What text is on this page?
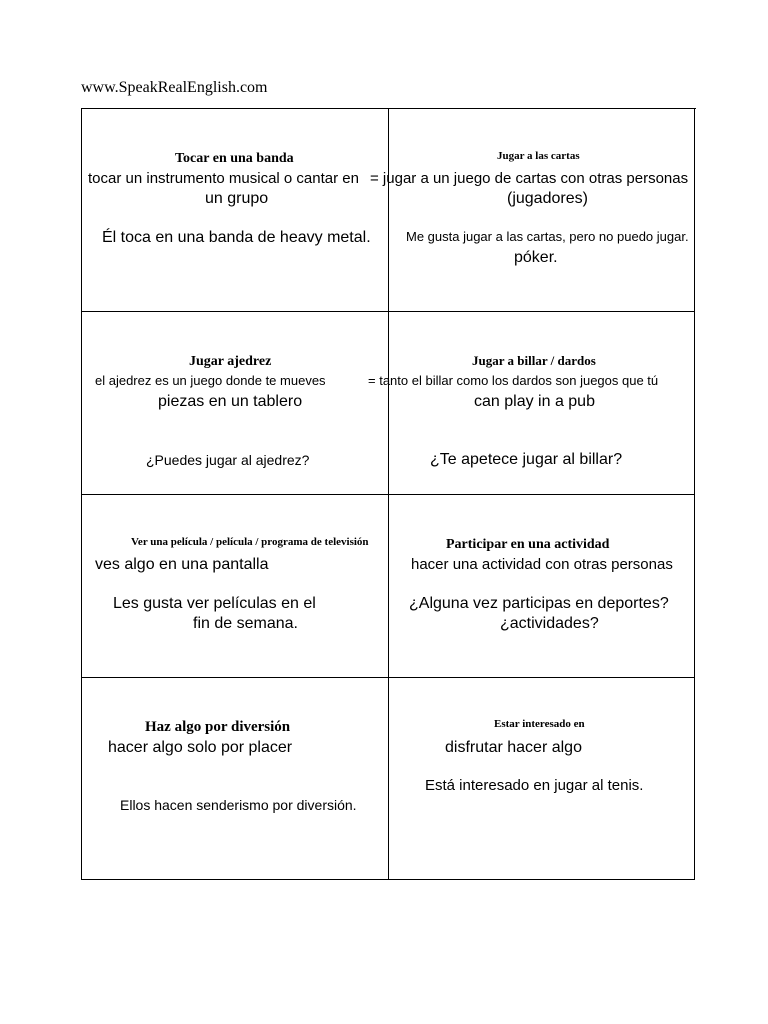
www.SpeakRealEnglish.com
Tocar en una banda
tocar un instrumento musical o cantar en
un grupo
Él toca en una banda de heavy metal.
Jugar a las cartas
= jugar a un juego de cartas con otras personas
(jugadores)
Me gusta jugar a las cartas, pero no puedo jugar.
póker.
Jugar ajedrez
el ajedrez es un juego donde te mueves
piezas en un tablero
¿Puedes jugar al ajedrez?
Jugar a billar / dardos
= tanto el billar como los dardos son juegos que tú
can play in a pub
¿Te apetece jugar al billar?
Ver una película / película / programa de televisión
ves algo en una pantalla
Les gusta ver películas en el
fin de semana.
Participar en una actividad
hacer una actividad con otras personas
¿Alguna vez participas en deportes?
¿actividades?
Haz algo por diversión
hacer algo solo por placer
Ellos hacen senderismo por diversión.
Estar interesado en
disfrutar hacer algo
Está interesado en jugar al tenis.
